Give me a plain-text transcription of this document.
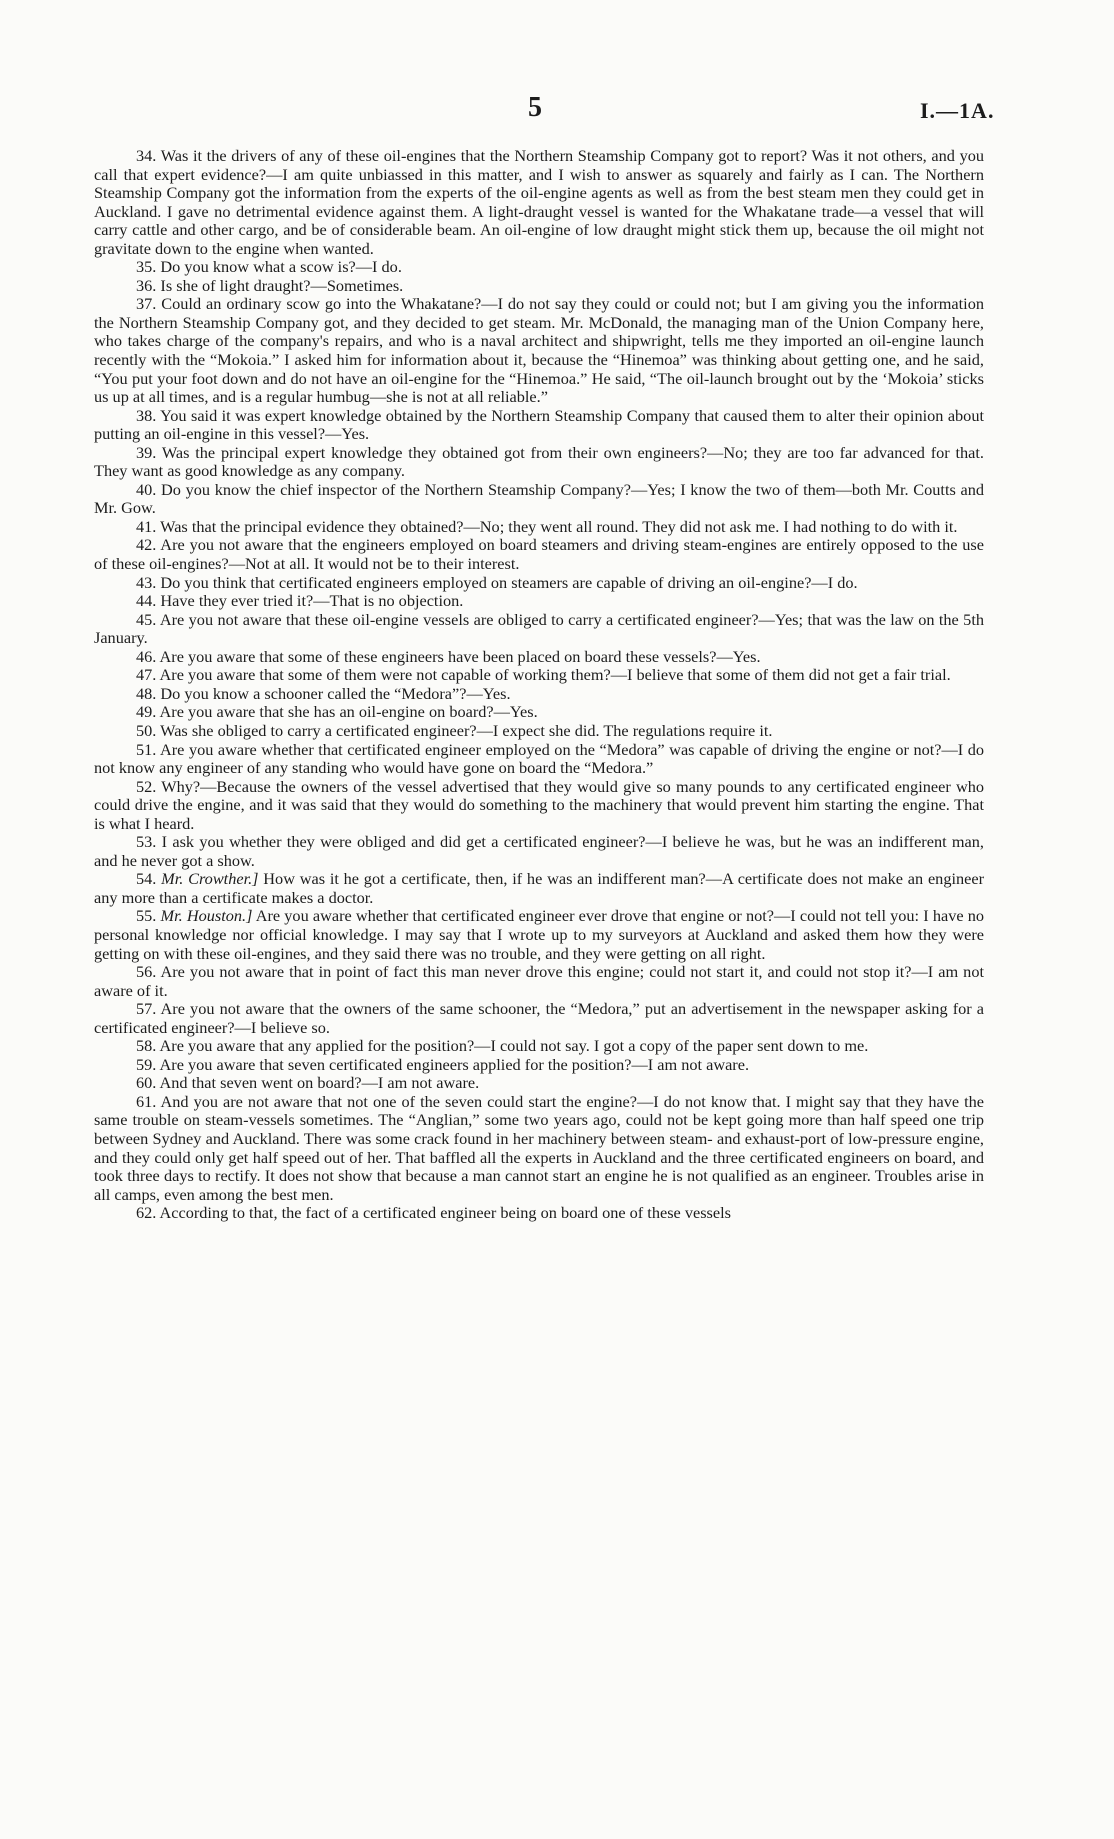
5	I.—1A.

34. Was it the drivers of any of these oil-engines that the Northern Steamship Company got to report? Was it not others, and you call that expert evidence?—I am quite unbiassed in this matter, and I wish to answer as squarely and fairly as I can. The Northern Steamship Company got the information from the experts of the oil-engine agents as well as from the best steam men they could get in Auckland. I gave no detrimental evidence against them. A light-draught vessel is wanted for the Whakatane trade—a vessel that will carry cattle and other cargo, and be of considerable beam. An oil-engine of low draught might stick them up, because the oil might not gravitate down to the engine when wanted.

35. Do you know what a scow is?—I do.

36. Is she of light draught?—Sometimes.

37. Could an ordinary scow go into the Whakatane?—I do not say they could or could not; but I am giving you the information the Northern Steamship Company got, and they decided to get steam. Mr. McDonald, the managing man of the Union Company here, who takes charge of the company's repairs, and who is a naval architect and shipwright, tells me they imported an oil-engine launch recently with the “Mokoia.” I asked him for information about it, because the “Hinemoa” was thinking about getting one, and he said, “You put your foot down and do not have an oil-engine for the “Hinemoa.” He said, “The oil-launch brought out by the ‘Mokoia’ sticks us up at all times, and is a regular humbug—she is not at all reliable.”

38. You said it was expert knowledge obtained by the Northern Steamship Company that caused them to alter their opinion about putting an oil-engine in this vessel?—Yes.

39. Was the principal expert knowledge they obtained got from their own engineers?—No; they are too far advanced for that. They want as good knowledge as any company.

40. Do you know the chief inspector of the Northern Steamship Company?—Yes; I know the two of them—both Mr. Coutts and Mr. Gow.

41. Was that the principal evidence they obtained?—No; they went all round. They did not ask me. I had nothing to do with it.

42. Are you not aware that the engineers employed on board steamers and driving steam-engines are entirely opposed to the use of these oil-engines?—Not at all. It would not be to their interest.

43. Do you think that certificated engineers employed on steamers are capable of driving an oil-engine?—I do.

44. Have they ever tried it?—That is no objection.

45. Are you not aware that these oil-engine vessels are obliged to carry a certificated engineer?—Yes; that was the law on the 5th January.

46. Are you aware that some of these engineers have been placed on board these vessels?—Yes.

47. Are you aware that some of them were not capable of working them?—I believe that some of them did not get a fair trial.

48. Do you know a schooner called the “Medora”?—Yes.

49. Are you aware that she has an oil-engine on board?—Yes.

50. Was she obliged to carry a certificated engineer?—I expect she did. The regulations require it.

51. Are you aware whether that certificated engineer employed on the “Medora” was capable of driving the engine or not?—I do not know any engineer of any standing who would have gone on board the “Medora.”

52. Why?—Because the owners of the vessel advertised that they would give so many pounds to any certificated engineer who could drive the engine, and it was said that they would do something to the machinery that would prevent him starting the engine. That is what I heard.

53. I ask you whether they were obliged and did get a certificated engineer?—I believe he was, but he was an indifferent man, and he never got a show.

54. Mr. Crowther.] How was it he got a certificate, then, if he was an indifferent man?—A certificate does not make an engineer any more than a certificate makes a doctor.

55. Mr. Houston.] Are you aware whether that certificated engineer ever drove that engine or not?—I could not tell you: I have no personal knowledge nor official knowledge. I may say that I wrote up to my surveyors at Auckland and asked them how they were getting on with these oil-engines, and they said there was no trouble, and they were getting on all right.

56. Are you not aware that in point of fact this man never drove this engine; could not start it, and could not stop it?—I am not aware of it.

57. Are you not aware that the owners of the same schooner, the “Medora,” put an advertisement in the newspaper asking for a certificated engineer?—I believe so.

58. Are you aware that any applied for the position?—I could not say. I got a copy of the paper sent down to me.

59. Are you aware that seven certificated engineers applied for the position?—I am not aware.

60. And that seven went on board?—I am not aware.

61. And you are not aware that not one of the seven could start the engine?—I do not know that. I might say that they have the same trouble on steam-vessels sometimes. The “Anglian,” some two years ago, could not be kept going more than half speed one trip between Sydney and Auckland. There was some crack found in her machinery between steam- and exhaust-port of low-pressure engine, and they could only get half speed out of her. That baffled all the experts in Auckland and the three certificated engineers on board, and took three days to rectify. It does not show that because a man cannot start an engine he is not qualified as an engineer. Troubles arise in all camps, even among the best men.

62. According to that, the fact of a certificated engineer being on board one of these vessels
